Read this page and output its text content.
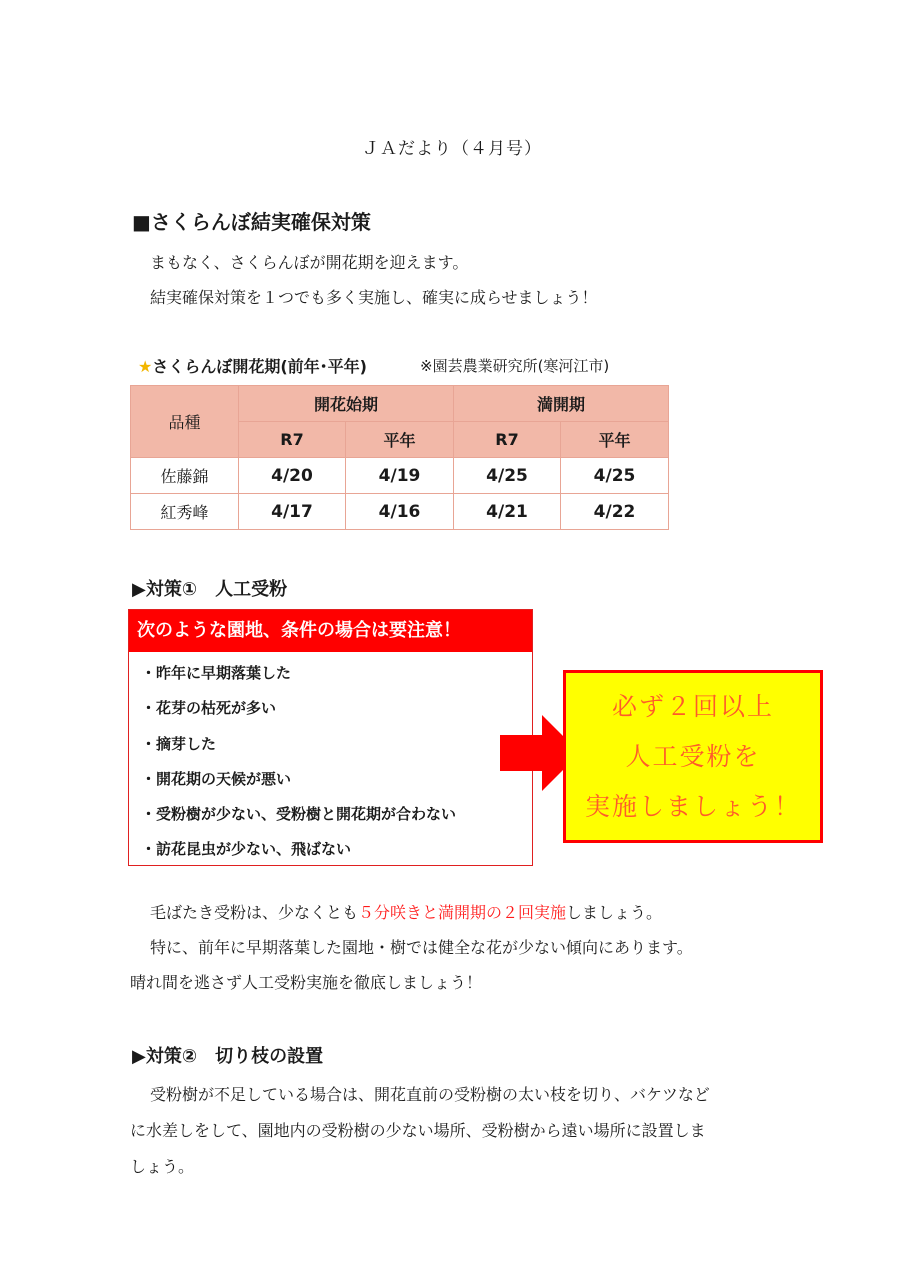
ＪＡだより（４月号）
■さくらんぼ結実確保対策
まもなく、さくらんぼが開花期を迎えます。
結実確保対策を１つでも多く実施し、確実に成らせましょう！
★さくらんぼ開花期(前年･平年)	※園芸農業研究所(寒河江市)
品種	開花始期		満開期	
	R7	平年	R7	平年
佐藤錦	4/20	4/19	4/25	4/25
紅秀峰	4/17	4/16	4/21	4/22
▶対策①　人工受粉
次のような園地、条件の場合は要注意！
・昨年に早期落葉した
・花芽の枯死が多い
・摘芽した
・開花期の天候が悪い
・受粉樹が少ない、受粉樹と開花期が合わない
・訪花昆虫が少ない、飛ばない
必ず２回以上
人工受粉を
実施しましょう！
毛ばたき受粉は、少なくとも５分咲きと満開期の２回実施しましょう。
特に、前年に早期落葉した園地・樹では健全な花が少ない傾向にあります。
晴れ間を逃さず人工受粉実施を徹底しましょう！
▶対策②　切り枝の設置
受粉樹が不足している場合は、開花直前の受粉樹の太い枝を切り、バケツなど
に水差しをして、園地内の受粉樹の少ない場所、受粉樹から遠い場所に設置しま
しょう。
